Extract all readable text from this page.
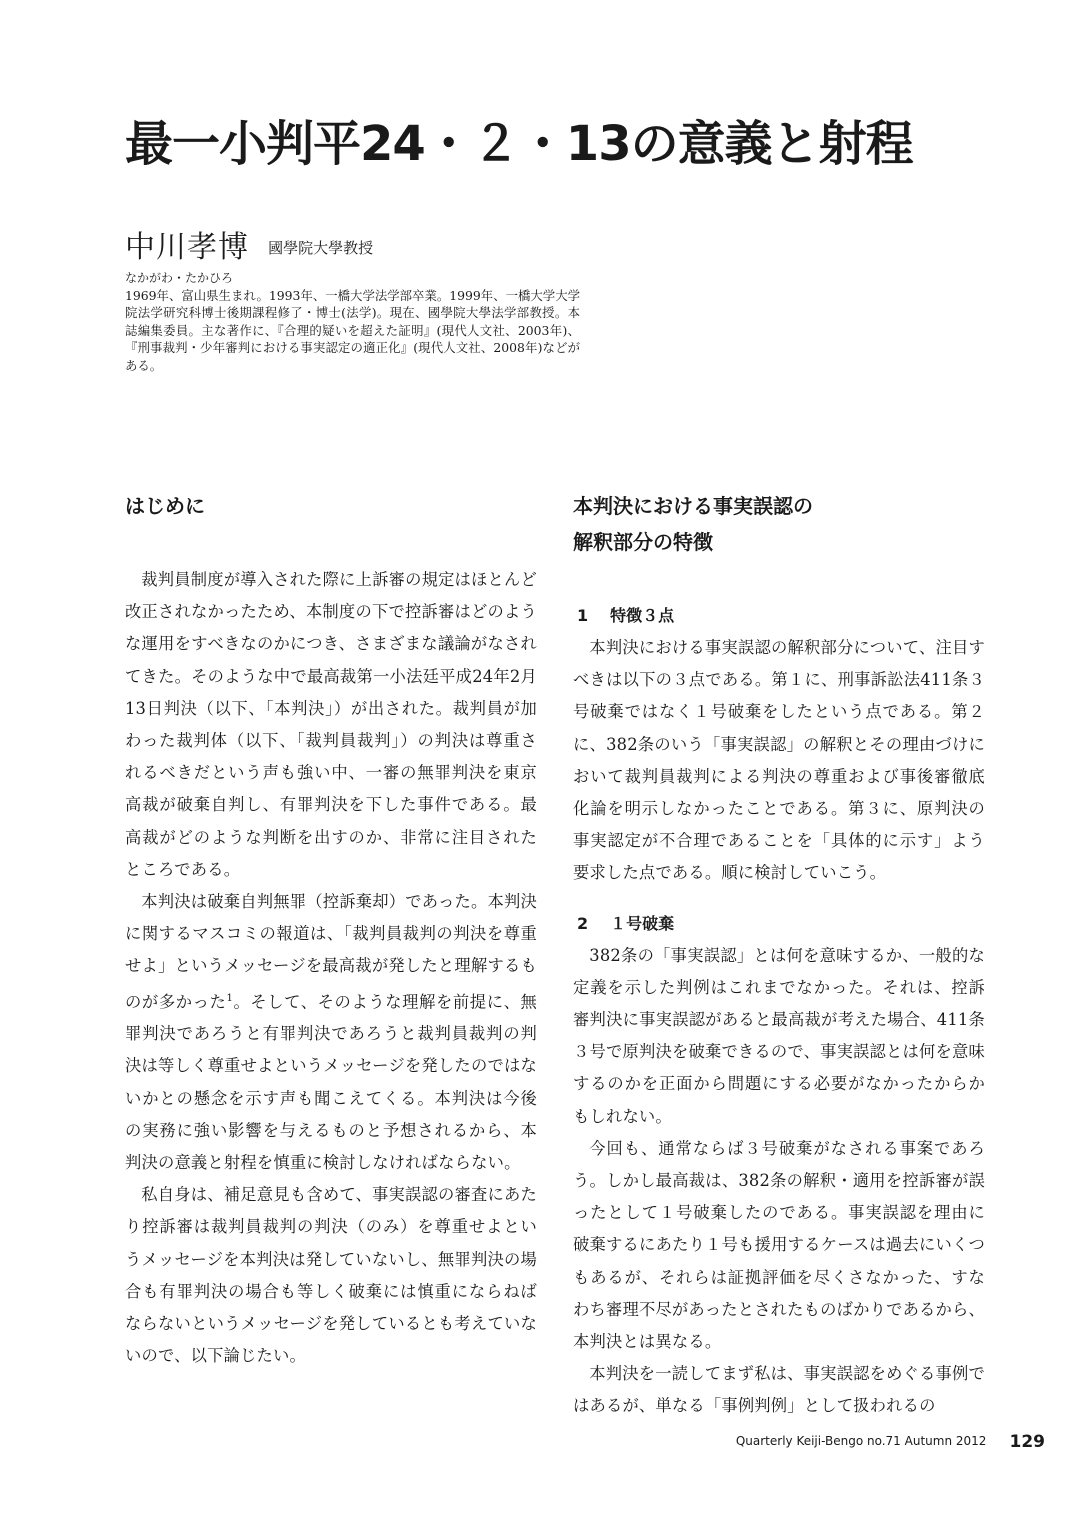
最一小判平24・２・13の意義と射程
中川孝博 國學院大學教授
なかがわ・たかひろ
1969年、富山県生まれ。1993年、一橋大学法学部卒業。1999年、一橋大学大学院法学研究科博士後期課程修了・博士(法学)。現在、國學院大學法学部教授。本誌編集委員。主な著作に、『合理的疑いを超えた証明』(現代人文社、2003年)、『刑事裁判・少年審判における事実認定の適正化』(現代人文社、2008年)などがある。
はじめに

裁判員制度が導入された際に上訴審の規定はほとんど改正されなかったため、本制度の下で控訴審はどのような運用をすべきなのかにつき、さまざまな議論がなされてきた。そのような中で最高裁第一小法廷平成24年2月13日判決（以下、「本判決」）が出された。裁判員が加わった裁判体（以下、「裁判員裁判」）の判決は尊重されるべきだという声も強い中、一審の無罪判決を東京高裁が破棄自判し、有罪判決を下した事件である。最高裁がどのような判断を出すのか、非常に注目されたところである。

本判決は破棄自判無罪（控訴棄却）であった。本判決に関するマスコミの報道は、「裁判員裁判の判決を尊重せよ」というメッセージを最高裁が発したと理解するものが多かった$^1$。そして、そのような理解を前提に、無罪判決であろうと有罪判決であろうと裁判員裁判の判決は等しく尊重せよというメッセージを発したのではないかとの懸念を示す声も聞こえてくる。本判決は今後の実務に強い影響を与えるものと予想されるから、本判決の意義と射程を慎重に検討しなければならない。

私自身は、補足意見も含めて、事実誤認の審査にあたり控訴審は裁判員裁判の判決（のみ）を尊重せよというメッセージを本判決は発していないし、無罪判決の場合も有罪判決の場合も等しく破棄には慎重にならねばならないというメッセージを発しているとも考えていないので、以下論じたい。

本判決における事実誤認の
解釈部分の特徴
1 特徴３点

本判決における事実誤認の解釈部分について、注目すべきは以下の３点である。第１に、刑事訴訟法411条３号破棄ではなく１号破棄をしたという点である。第２に、382条のいう「事実誤認」の解釈とその理由づけにおいて裁判員裁判による判決の尊重および事後審徹底化論を明示しなかったことである。第３に、原判決の事実認定が不合理であることを「具体的に示す」よう要求した点である。順に検討していこう。

2 １号破棄

382条の「事実誤認」とは何を意味するか、一般的な定義を示した判例はこれまでなかった。それは、控訴審判決に事実誤認があると最高裁が考えた場合、411条３号で原判決を破棄できるので、事実誤認とは何を意味するのかを正面から問題にする必要がなかったからかもしれない。

今回も、通常ならば３号破棄がなされる事案であろう。しかし最高裁は、382条の解釈・適用を控訴審が誤ったとして１号破棄したのである。事実誤認を理由に破棄するにあたり１号も援用するケースは過去にいくつもあるが、それらは証拠評価を尽くさなかった、すなわち審理不尽があったとされたものばかりであるから、本判決とは異なる。

本判決を一読してまず私は、事実誤認をめぐる事例ではあるが、単なる「事例判例」として扱われるの

Quarterly Keiji-Bengo no.71 Autumn 2012 129
